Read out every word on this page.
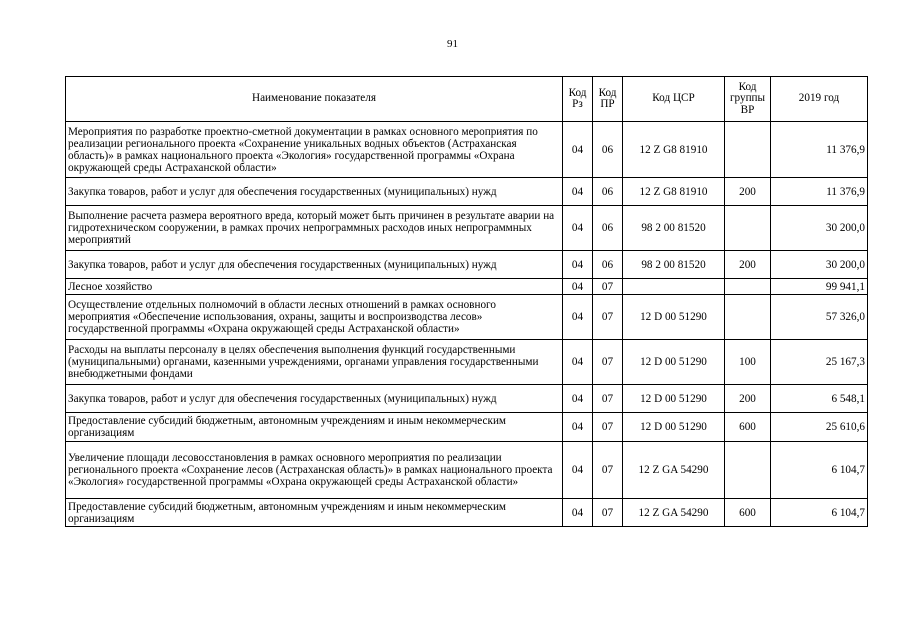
91
Наименование показателя	Код Рз	Код ПР	Код ЦСР	Код группы ВР	2019 год
Мероприятия по разработке проектно-сметной документации в рамках основного мероприятия по реализации регионального проекта «Сохранение уникальных водных объектов (Астраханская область)» в рамках национального проекта «Экология» государственной программы «Охрана окружающей среды Астраханской области»	04	06	12 Z G8 81910		11 376,9
Закупка товаров, работ и услуг для обеспечения государственных (муниципальных) нужд	04	06	12 Z G8 81910	200	11 376,9
Выполнение расчета размера вероятного вреда, который может быть причинен в результате аварии на гидротехническом сооружении, в рамках прочих непрограммных расходов иных непрограммных мероприятий	04	06	98 2 00 81520		30 200,0
Закупка товаров, работ и услуг для обеспечения государственных (муниципальных) нужд	04	06	98 2 00 81520	200	30 200,0
Лесное хозяйство	04	07			99 941,1
Осуществление отдельных полномочий в области лесных отношений в рамках основного мероприятия «Обеспечение использования, охраны, защиты и воспроизводства лесов» государственной программы «Охрана окружающей среды Астраханской области»	04	07	12 D 00 51290		57 326,0
Расходы на выплаты персоналу в целях обеспечения выполнения функций государственными (муниципальными) органами, казенными учреждениями, органами управления государственными внебюджетными фондами	04	07	12 D 00 51290	100	25 167,3
Закупка товаров, работ и услуг для обеспечения государственных (муниципальных) нужд	04	07	12 D 00 51290	200	6 548,1
Предоставление субсидий бюджетным, автономным учреждениям и иным некоммерческим организациям	04	07	12 D 00 51290	600	25 610,6
Увеличение площади лесовосстановления в рамках основного мероприятия по реализации регионального проекта «Сохранение лесов (Астраханская область)» в рамках национального проекта «Экология» государственной программы «Охрана окружающей среды Астраханской области»	04	07	12 Z GA 54290		6 104,7
Предоставление субсидий бюджетным, автономным учреждениям и иным некоммерческим организациям	04	07	12 Z GA 54290	600	6 104,7
